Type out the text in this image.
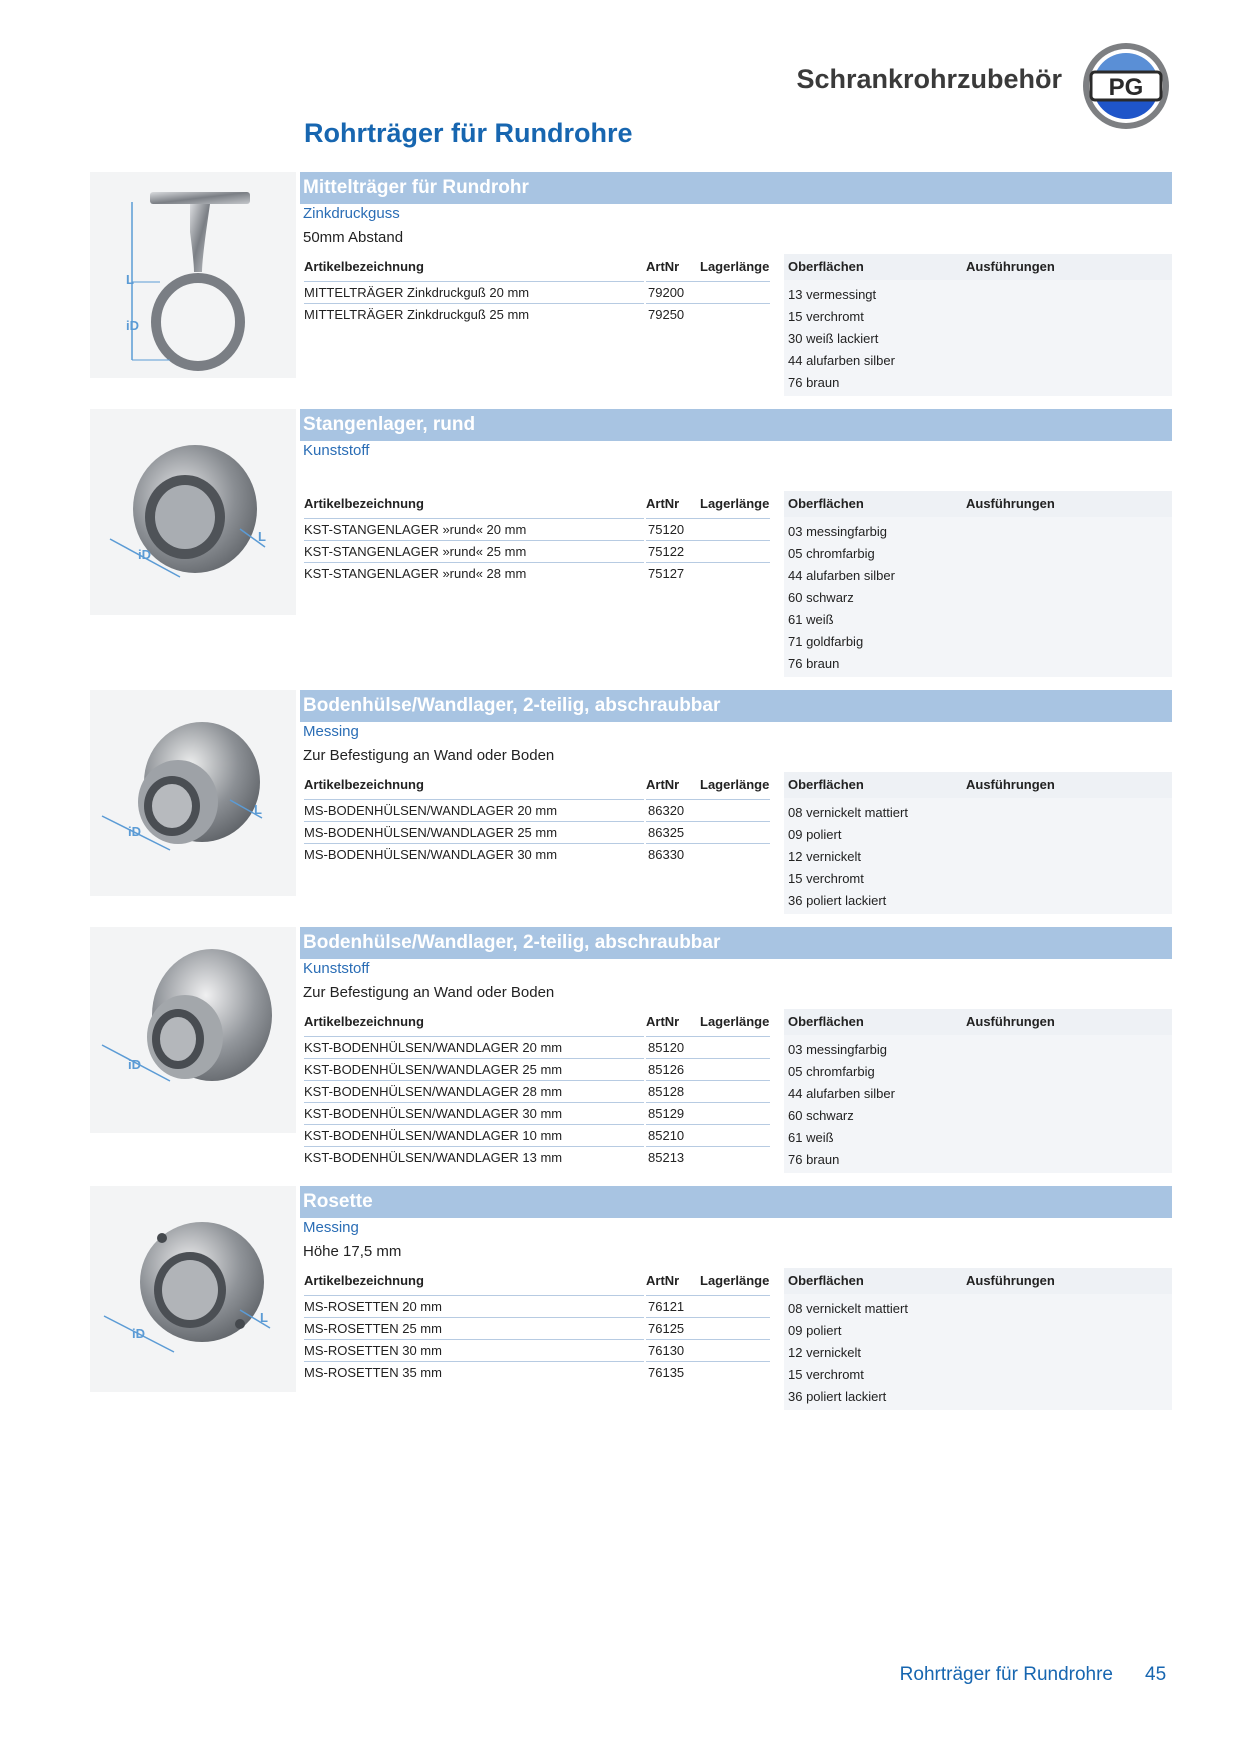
Schrankrohrzubehör PG
Rohrträger für Rundrohre
L
iD
Mittelträger für Rundrohr
Zinkdruckguss
50mm Abstand
Artikelbezeichnung	ArtNr Lagerlänge Oberflächen	Ausführungen
MITTELTRÄGER Zinkdruckguß 20 mm	79200
MITTELTRÄGER Zinkdruckguß 25 mm	79250
13 vermessingt
15 verchromt
30 weiß lackiert
44 alufarben silber
76 braun
iD
L
Stangenlager, rund
Kunststoff
Artikelbezeichnung	ArtNr Lagerlänge Oberflächen	Ausführungen
KST-STANGENLAGER »rund« 20 mm	75120
KST-STANGENLAGER »rund« 25 mm	75122
KST-STANGENLAGER »rund« 28 mm	75127
03 messingfarbig
05 chromfarbig
44 alufarben silber
60 schwarz
61 weiß
71 goldfarbig
76 braun
iD
L
Bodenhülse/Wandlager, 2-teilig, abschraubbar
Messing
Zur Befestigung an Wand oder Boden
Artikelbezeichnung	ArtNr Lagerlänge Oberflächen	Ausführungen
MS-BODENHÜLSEN/WANDLAGER 20 mm	86320
MS-BODENHÜLSEN/WANDLAGER 25 mm	86325
MS-BODENHÜLSEN/WANDLAGER 30 mm	86330
08 vernickelt mattiert
09 poliert
12 vernickelt
15 verchromt
36 poliert lackiert
iD
Bodenhülse/Wandlager, 2-teilig, abschraubbar
Kunststoff
Zur Befestigung an Wand oder Boden
Artikelbezeichnung	ArtNr Lagerlänge Oberflächen	Ausführungen
KST-BODENHÜLSEN/WANDLAGER 20 mm	85120
KST-BODENHÜLSEN/WANDLAGER 25 mm	85126
KST-BODENHÜLSEN/WANDLAGER 28 mm	85128
KST-BODENHÜLSEN/WANDLAGER 30 mm	85129
KST-BODENHÜLSEN/WANDLAGER 10 mm	85210
KST-BODENHÜLSEN/WANDLAGER 13 mm	85213
03 messingfarbig
05 chromfarbig
44 alufarben silber
60 schwarz
61 weiß
76 braun
iD
L
Rosette
Messing
Höhe 17,5 mm
Artikelbezeichnung	ArtNr Lagerlänge Oberflächen	Ausführungen
MS-ROSETTEN 20 mm	76121
MS-ROSETTEN 25 mm	76125
MS-ROSETTEN 30 mm	76130
MS-ROSETTEN 35 mm	76135
08 vernickelt mattiert
09 poliert
12 vernickelt
15 verchromt
36 poliert lackiert
Rohrträger für Rundrohre 45
